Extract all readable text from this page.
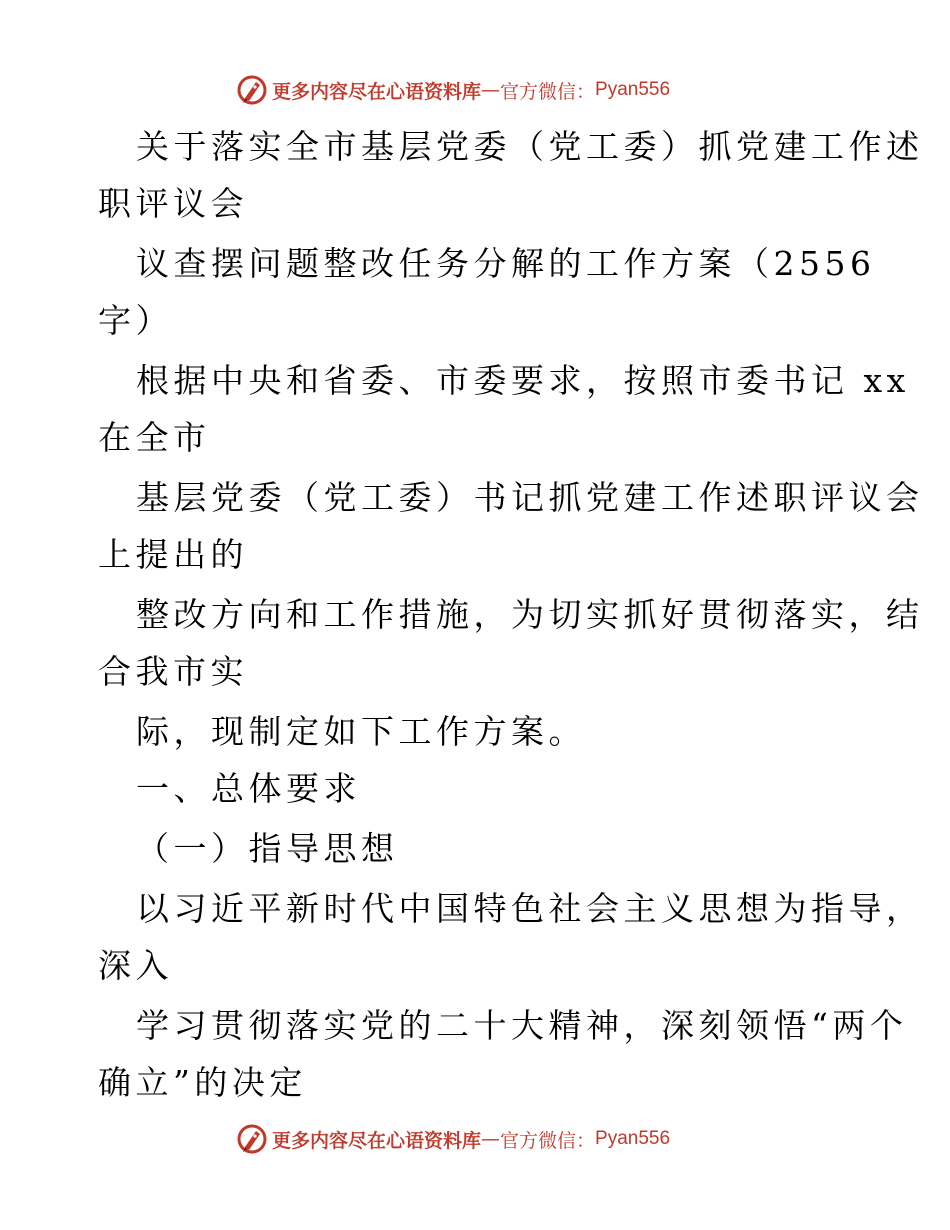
更多内容尽在心语资料库 — 官方微信： Pyan556
关于落实全市基层党委（党工委）抓党建工作述
职评议会
议查摆问题整改任务分解的工作方案（2556
字）
根据中央和省委、市委要求，按照市委书记 xx
在全市
基层党委（党工委）书记抓党建工作述职评议会
上提出的
整改方向和工作措施，为切实抓好贯彻落实，结
合我市实
际，现制定如下工作方案。
一、总体要求
（一）指导思想
以习近平新时代中国特色社会主义思想为指导，
深入
学习贯彻落实党的二十大精神，深刻领悟“两个
确立”的决定
更多内容尽在心语资料库 — 官方微信： Pyan556
